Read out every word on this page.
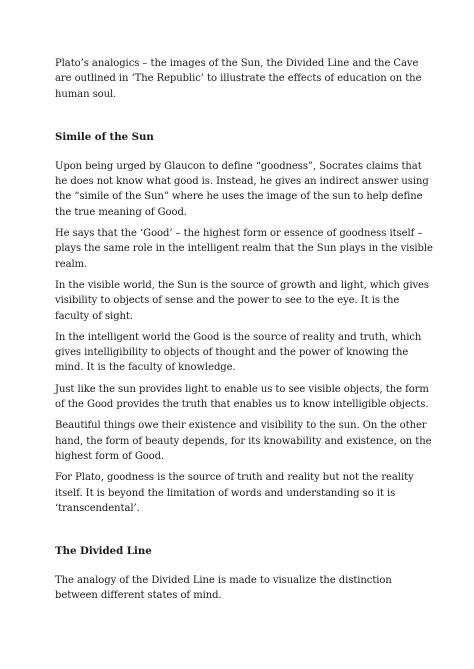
Plato’s analogics – the images of the Sun, the Divided Line and the Cave are outlined in ‘The Republic’ to illustrate the effects of education on the human soul.

Simile of the Sun

Upon being urged by Glaucon to define “goodness”, Socrates claims that he does not know what good is. Instead, he gives an indirect answer using the “simile of the Sun” where he uses the image of the sun to help define the true meaning of Good.

He says that the ‘Good’ – the highest form or essence of goodness itself – plays the same role in the intelligent realm that the Sun plays in the visible realm.

In the visible world, the Sun is the source of growth and light, which gives visibility to objects of sense and the power to see to the eye. It is the faculty of sight.

In the intelligent world the Good is the source of reality and truth, which gives intelligibility to objects of thought and the power of knowing the mind. It is the faculty of knowledge.

Just like the sun provides light to enable us to see visible objects, the form of the Good provides the truth that enables us to know intelligible objects.

Beautiful things owe their existence and visibility to the sun. On the other hand, the form of beauty depends, for its knowability and existence, on the highest form of Good.

For Plato, goodness is the source of truth and reality but not the reality itself. It is beyond the limitation of words and understanding so it is ‘transcendental’.

The Divided Line

The analogy of the Divided Line is made to visualize the distinction between different states of mind.
